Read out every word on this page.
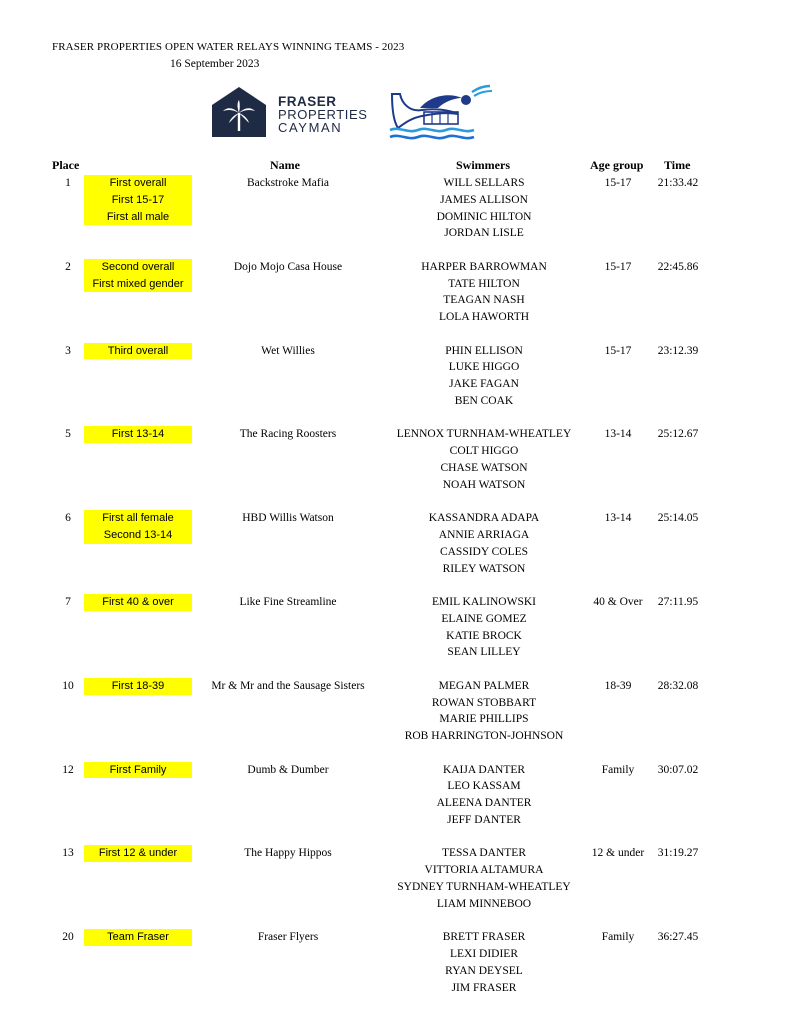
FRASER PROPERTIES OPEN WATER RELAYS WINNING TEAMS - 2023
16 September 2023
FRASER
PROPERTIES
CAYMAN
Place	Name	Swimmers	Age group Time
1	First overall
First 15-17
First all male
Backstroke Mafia	WILL SELLARS
JAMES ALLISON
DOMINIC HILTON
JORDAN LISLE
15-17	21:33.42
2	Second overall
First mixed gender
Dojo Mojo Casa House	HARPER BARROWMAN
TATE HILTON
TEAGAN NASH
LOLA HAWORTH
15-17	22:45.86
3	Third overall	Wet Willies	PHIN ELLISON
LUKE HIGGO
JAKE FAGAN
BEN COAK
15-17	23:12.39
5	First 13-14	The Racing Roosters	LENNOX TURNHAM-WHEATLEY
COLT HIGGO
CHASE WATSON
NOAH WATSON
13-14	25:12.67
6	First all female
Second 13-14
HBD Willis Watson	KASSANDRA ADAPA
ANNIE ARRIAGA
CASSIDY COLES
RILEY WATSON
13-14	25:14.05
7	First 40 & over	Like Fine Streamline	EMIL KALINOWSKI
ELAINE GOMEZ
KATIE BROCK
SEAN LILLEY
40 & Over	27:11.95
10	First 18-39	Mr & Mr and the Sausage Sisters	MEGAN PALMER
ROWAN STOBBART
MARIE PHILLIPS
ROB HARRINGTON-JOHNSON
18-39	28:32.08
12	First Family	Dumb & Dumber	KAIJA DANTER
LEO KASSAM
ALEENA DANTER
JEFF DANTER
Family	30:07.02
13	First 12 & under	The Happy Hippos	TESSA DANTER
VITTORIA ALTAMURA
SYDNEY TURNHAM-WHEATLEY
LIAM MINNEBOO
12 & under	31:19.27
20	Team Fraser	Fraser Flyers	BRETT FRASER
LEXI DIDIER
RYAN DEYSEL
JIM FRASER
Family	36:27.45
